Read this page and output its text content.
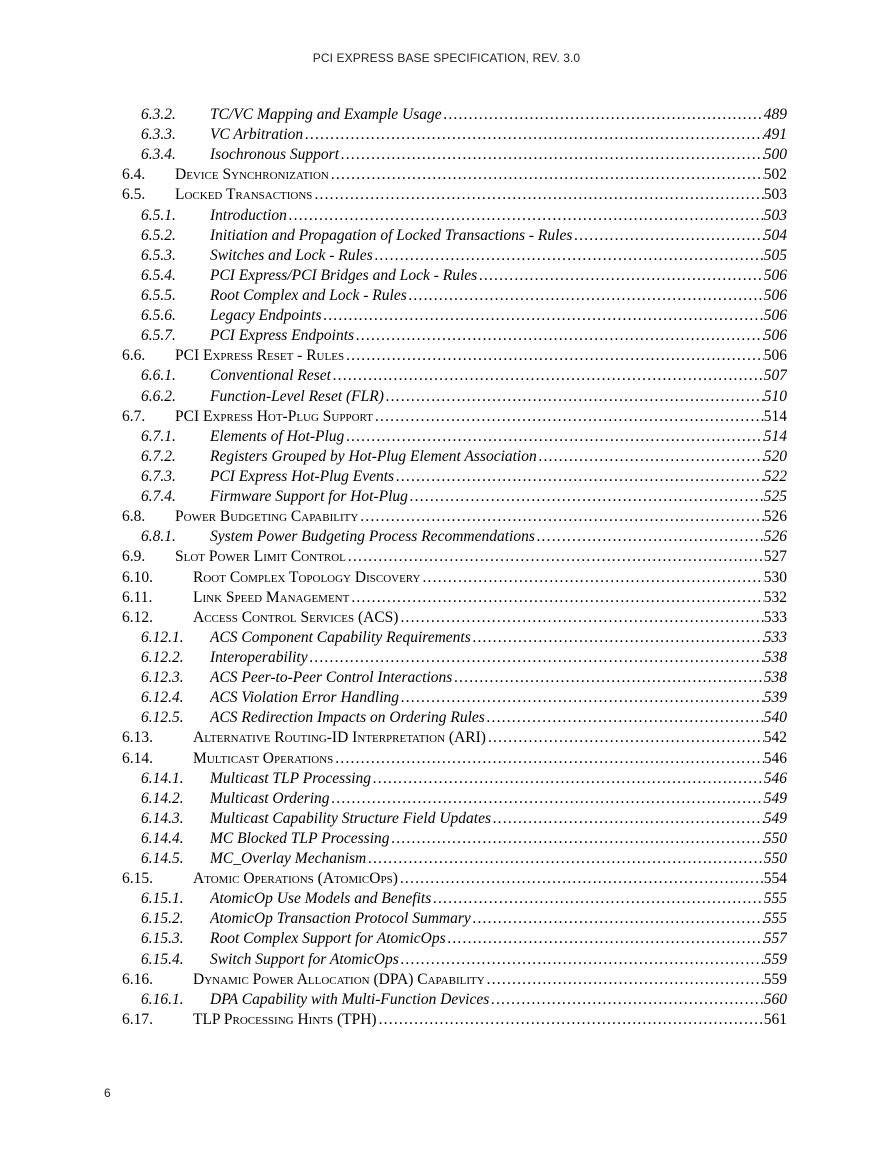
PCI EXPRESS BASE SPECIFICATION, REV. 3.0
6.3.2. TC/VC Mapping and Example Usage .....	489
6.3.3. VC Arbitration .....	491
6.3.4. Isochronous Support .....	500
6.4. Device Synchronization .....	502
6.5. Locked Transactions .....	503
6.5.1. Introduction .....	503
6.5.2. Initiation and Propagation of Locked Transactions - Rules .....	504
6.5.3. Switches and Lock - Rules .....	505
6.5.4. PCI Express/PCI Bridges and Lock - Rules .....	506
6.5.5. Root Complex and Lock - Rules .....	506
6.5.6. Legacy Endpoints .....	506
6.5.7. PCI Express Endpoints .....	506
6.6. PCI Express Reset - Rules .....	506
6.6.1. Conventional Reset .....	507
6.6.2. Function-Level Reset (FLR) .....	510
6.7. PCI Express Hot-Plug Support .....	514
6.7.1. Elements of Hot-Plug .....	514
6.7.2. Registers Grouped by Hot-Plug Element Association .....	520
6.7.3. PCI Express Hot-Plug Events .....	522
6.7.4. Firmware Support for Hot-Plug .....	525
6.8. Power Budgeting Capability .....	526
6.8.1. System Power Budgeting Process Recommendations .....	526
6.9. Slot Power Limit Control .....	527
6.10.	Root Complex Topology Discovery .....	530
6.11.	Link Speed Management .....	532
6.12.	Access Control Services (ACS) .....	533
6.12.1. ACS Component Capability Requirements .....	533
6.12.2. Interoperability .....	538
6.12.3. ACS Peer-to-Peer Control Interactions .....	538
6.12.4. ACS Violation Error Handling .....	539
6.12.5. ACS Redirection Impacts on Ordering Rules .....	540
6.13.	Alternative Routing-ID Interpretation (ARI) .....	542
6.14.	Multicast Operations .....	546
6.14.1. Multicast TLP Processing .....	546
6.14.2. Multicast Ordering .....	549
6.14.3. Multicast Capability Structure Field Updates .....	549
6.14.4. MC Blocked TLP Processing .....	550
6.14.5. MC_Overlay Mechanism .....	550
6.15.	Atomic Operations (AtomicOps) .....	554
6.15.1. AtomicOp Use Models and Benefits .....	555
6.15.2. AtomicOp Transaction Protocol Summary .....	555
6.15.3. Root Complex Support for AtomicOps .....	557
6.15.4. Switch Support for AtomicOps .....	559
6.16.	Dynamic Power Allocation (DPA) Capability .....	559
6.16.1. DPA Capability with Multi-Function Devices .....	560
6.17.	TLP Processing Hints (TPH) .....	561
6
